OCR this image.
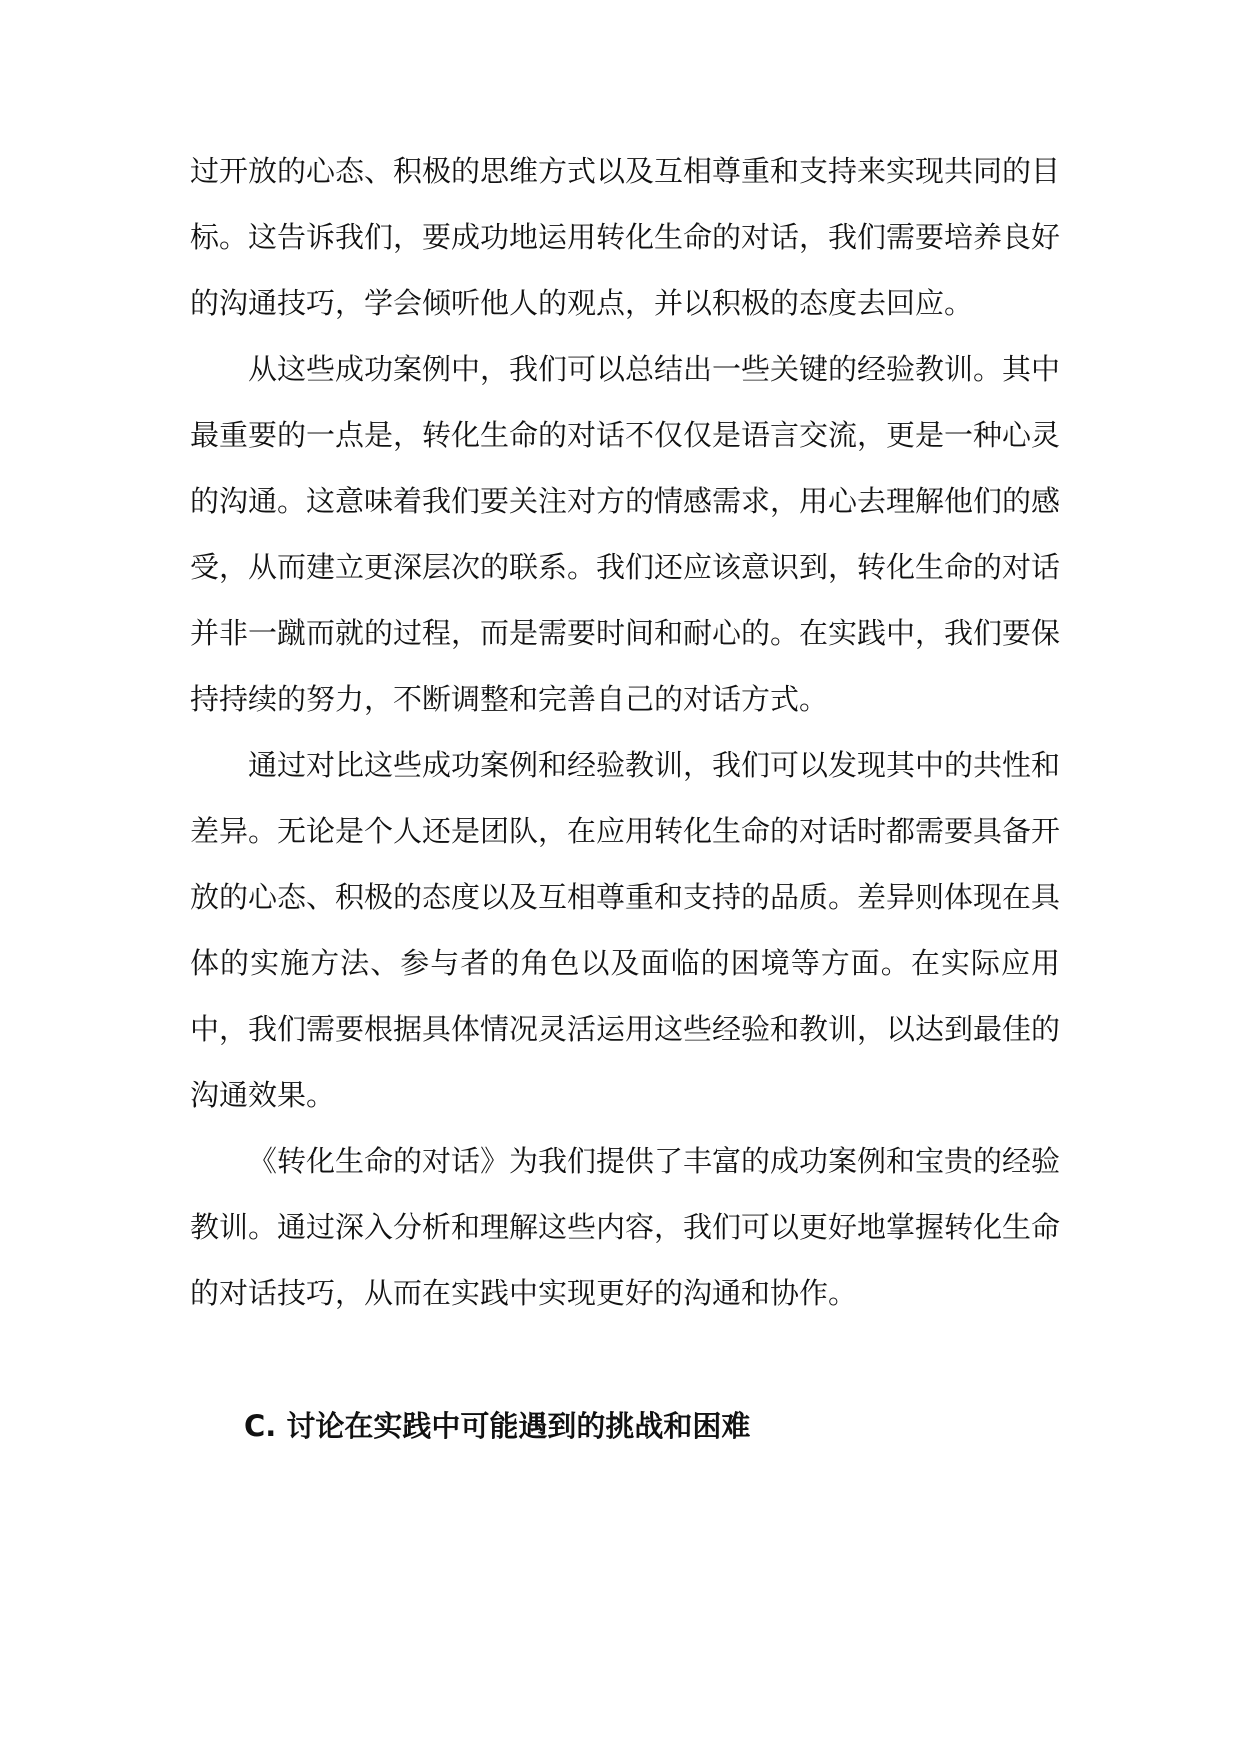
过开放的心态、积极的思维方式以及互相尊重和支持来实现共同的目标。这告诉我们，要成功地运用转化生命的对话，我们需要培养良好的沟通技巧，学会倾听他人的观点，并以积极的态度去回应。

从这些成功案例中，我们可以总结出一些关键的经验教训。其中最重要的一点是，转化生命的对话不仅仅是语言交流，更是一种心灵的沟通。这意味着我们要关注对方的情感需求，用心去理解他们的感受，从而建立更深层次的联系。我们还应该意识到，转化生命的对话并非一蹴而就的过程，而是需要时间和耐心的。在实践中，我们要保持持续的努力，不断调整和完善自己的对话方式。

通过对比这些成功案例和经验教训，我们可以发现其中的共性和差异。无论是个人还是团队，在应用转化生命的对话时都需要具备开放的心态、积极的态度以及互相尊重和支持的品质。差异则体现在具体的实施方法、参与者的角色以及面临的困境等方面。在实际应用中，我们需要根据具体情况灵活运用这些经验和教训，以达到最佳的沟通效果。

《转化生命的对话》为我们提供了丰富的成功案例和宝贵的经验教训。通过深入分析和理解这些内容，我们可以更好地掌握转化生命的对话技巧，从而在实践中实现更好的沟通和协作。

C. 讨论在实践中可能遇到的挑战和困难
